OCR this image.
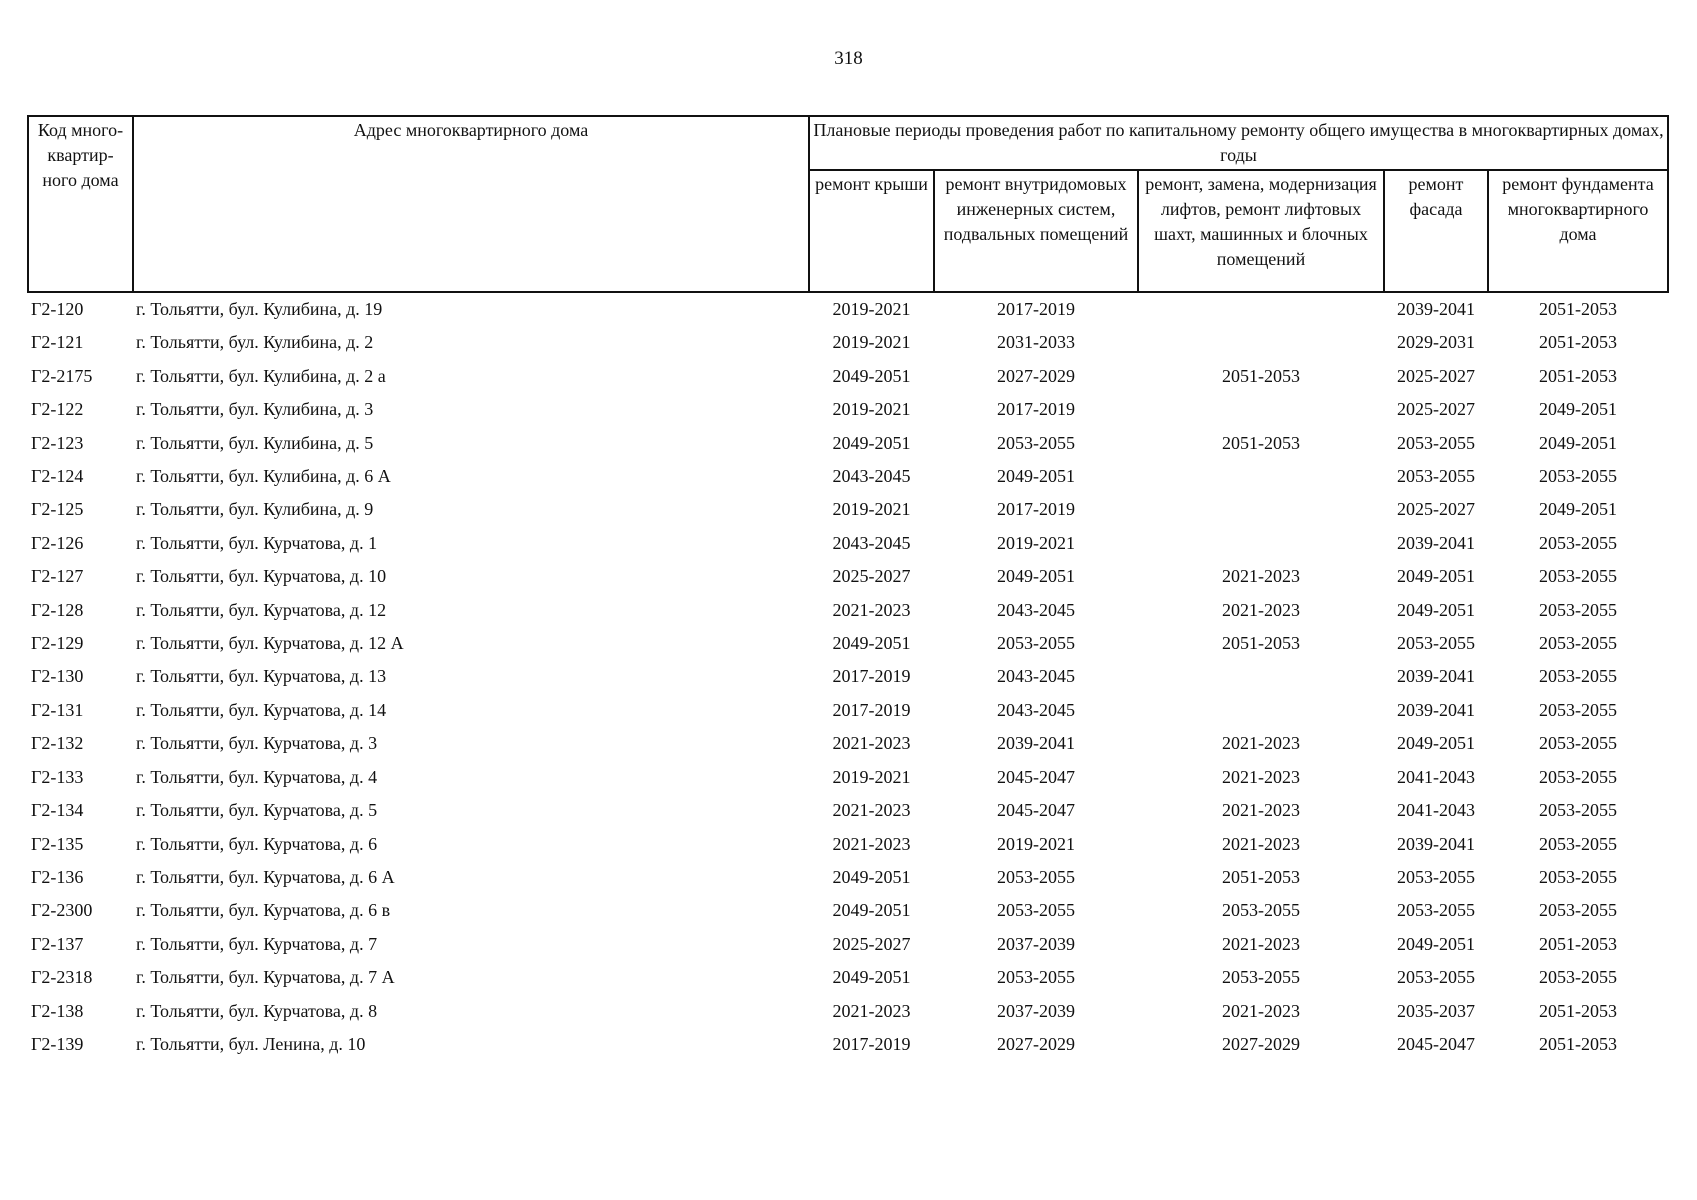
318
Код много-квартир-ного дома	Адрес многоквартирного дома	Плановые периоды проведения работ по капитальному ремонту общего имущества в многоквартирных домах, годы				
		ремонт крыши	ремонт внутридомовых инженерных систем, подвальных помещений	ремонт, замена, модернизация лифтов, ремонт лифтовых шахт, машинных и блочных помещений	ремонт фасада	ремонт фундамента многоквартирного дома
Г2-120	г. Тольятти, бул. Кулибина, д. 19	2019-2021	2017-2019		2039-2041	2051-2053
Г2-121	г. Тольятти, бул. Кулибина, д. 2	2019-2021	2031-2033		2029-2031	2051-2053
Г2-2175	г. Тольятти, бул. Кулибина, д. 2 а	2049-2051	2027-2029	2051-2053	2025-2027	2051-2053
Г2-122	г. Тольятти, бул. Кулибина, д. 3	2019-2021	2017-2019		2025-2027	2049-2051
Г2-123	г. Тольятти, бул. Кулибина, д. 5	2049-2051	2053-2055	2051-2053	2053-2055	2049-2051
Г2-124	г. Тольятти, бул. Кулибина, д. 6 А	2043-2045	2049-2051		2053-2055	2053-2055
Г2-125	г. Тольятти, бул. Кулибина, д. 9	2019-2021	2017-2019		2025-2027	2049-2051
Г2-126	г. Тольятти, бул. Курчатова, д. 1	2043-2045	2019-2021		2039-2041	2053-2055
Г2-127	г. Тольятти, бул. Курчатова, д. 10	2025-2027	2049-2051	2021-2023	2049-2051	2053-2055
Г2-128	г. Тольятти, бул. Курчатова, д. 12	2021-2023	2043-2045	2021-2023	2049-2051	2053-2055
Г2-129	г. Тольятти, бул. Курчатова, д. 12 А	2049-2051	2053-2055	2051-2053	2053-2055	2053-2055
Г2-130	г. Тольятти, бул. Курчатова, д. 13	2017-2019	2043-2045		2039-2041	2053-2055
Г2-131	г. Тольятти, бул. Курчатова, д. 14	2017-2019	2043-2045		2039-2041	2053-2055
Г2-132	г. Тольятти, бул. Курчатова, д. 3	2021-2023	2039-2041	2021-2023	2049-2051	2053-2055
Г2-133	г. Тольятти, бул. Курчатова, д. 4	2019-2021	2045-2047	2021-2023	2041-2043	2053-2055
Г2-134	г. Тольятти, бул. Курчатова, д. 5	2021-2023	2045-2047	2021-2023	2041-2043	2053-2055
Г2-135	г. Тольятти, бул. Курчатова, д. 6	2021-2023	2019-2021	2021-2023	2039-2041	2053-2055
Г2-136	г. Тольятти, бул. Курчатова, д. 6 А	2049-2051	2053-2055	2051-2053	2053-2055	2053-2055
Г2-2300	г. Тольятти, бул. Курчатова, д. 6 в	2049-2051	2053-2055	2053-2055	2053-2055	2053-2055
Г2-137	г. Тольятти, бул. Курчатова, д. 7	2025-2027	2037-2039	2021-2023	2049-2051	2051-2053
Г2-2318	г. Тольятти, бул. Курчатова, д. 7 А	2049-2051	2053-2055	2053-2055	2053-2055	2053-2055
Г2-138	г. Тольятти, бул. Курчатова, д. 8	2021-2023	2037-2039	2021-2023	2035-2037	2051-2053
Г2-139	г. Тольятти, бул. Ленина, д. 10	2017-2019	2027-2029	2027-2029	2045-2047	2051-2053
